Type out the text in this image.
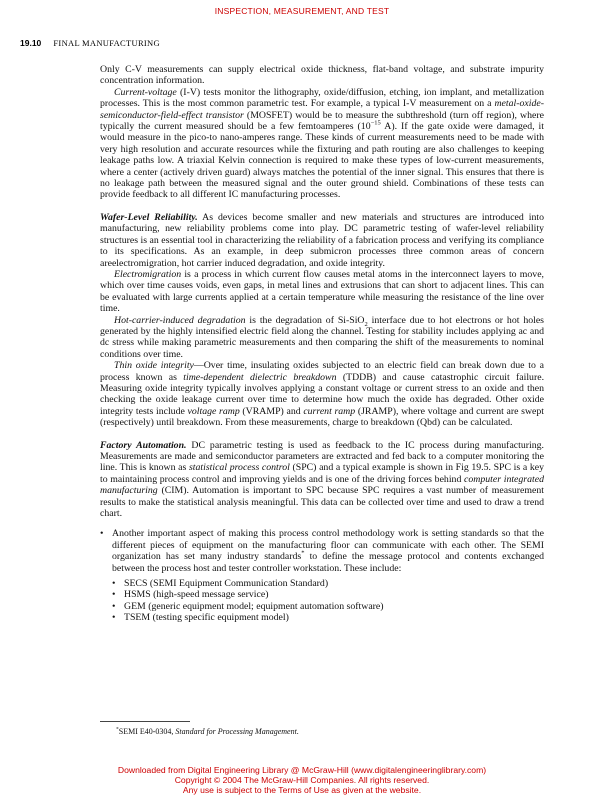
INSPECTION, MEASUREMENT, AND TEST
19.10 FINAL MANUFACTURING

Only C-V measurements can supply electrical oxide thickness, flat-band voltage, and substrate impurity concentration information.

Current-voltage (I-V) tests monitor the lithography, oxide/diffusion, etching, ion implant, and metallization processes. This is the most common parametric test. For example, a typical I-V measurement on a metal-oxide-semiconductor-field-effect transistor (MOSFET) would be to measure the subthreshold (turn off region), where typically the current measured should be a few femtoamperes ($10^{-15}$ A). If the gate oxide were damaged, it would measure in the pico-to nano-amperes range. These kinds of current measurements need to be made with very high resolution and accurate resources while the fixturing and path routing are also challenges to keeping leakage paths low. A triaxial Kelvin connection is required to make these types of low-current measurements, where a center (actively driven guard) always matches the potential of the inner signal. This ensures that there is no leakage path between the measured signal and the outer ground shield. Combinations of these tests can provide feedback to all different IC manufacturing processes.

Wafer-Level Reliability. As devices become smaller and new materials and structures are introduced into manufacturing, new reliability problems come into play. DC parametric testing of wafer-level reliability structures is an essential tool in characterizing the reliability of a fabrication process and verifying its compliance to its specifications. As an example, in deep submicron processes three common areas of concern areelectromigration, hot carrier induced degradation, and oxide integrity.

Electromigration is a process in which current flow causes metal atoms in the interconnect layers to move, which over time causes voids, even gaps, in metal lines and extrusions that can short to adjacent lines. This can be evaluated with large currents applied at a certain temperature while measuring the resistance of the line over time.

Hot-carrier-induced degradation is the degradation of Si-SiO$_2$ interface due to hot electrons or hot holes generated by the highly intensified electric field along the channel. Testing for stability includes applying ac and dc stress while making parametric measurements and then comparing the shift of the measurements to nominal conditions over time.

Thin oxide integrity—Over time, insulating oxides subjected to an electric field can break down due to a process known as time-dependent dielectric breakdown (TDDB) and cause catastrophic circuit failure. Measuring oxide integrity typically involves applying a constant voltage or current stress to an oxide and then checking the oxide leakage current over time to determine how much the oxide has degraded. Other oxide integrity tests include voltage ramp (VRAMP) and current ramp (JRAMP), where voltage and current are swept (respectively) until breakdown. From these measurements, charge to breakdown (Qbd) can be calculated.

Factory Automation. DC parametric testing is used as feedback to the IC process during manufacturing. Measurements are made and semiconductor parameters are extracted and fed back to a computer monitoring the line. This is known as statistical process control (SPC) and a typical example is shown in Fig 19.5. SPC is a key to maintaining process control and improving yields and is one of the driving forces behind computer integrated manufacturing (CIM). Automation is important to SPC because SPC requires a vast number of measurement results to make the statistical analysis meaningful. This data can be collected over time and used to draw a trend chart.

• Another important aspect of making this process control methodology work is setting standards so that the different pieces of equipment on the manufacturing floor can communicate with each other. The SEMI organization has set many industry standards* to define the message protocol and contents exchanged between the process host and tester controller workstation. These include:
• SECS (SEMI Equipment Communication Standard)
• HSMS (high-speed message service)
• GEM (generic equipment model; equipment automation software)
• TSEM (testing specific equipment model)
*SEMI E40-0304, Standard for Processing Management.
Downloaded from Digital Engineering Library @ McGraw-Hill (www.digitalengineeringlibrary.com)
Copyright © 2004 The McGraw-Hill Companies. All rights reserved.
Any use is subject to the Terms of Use as given at the website.
